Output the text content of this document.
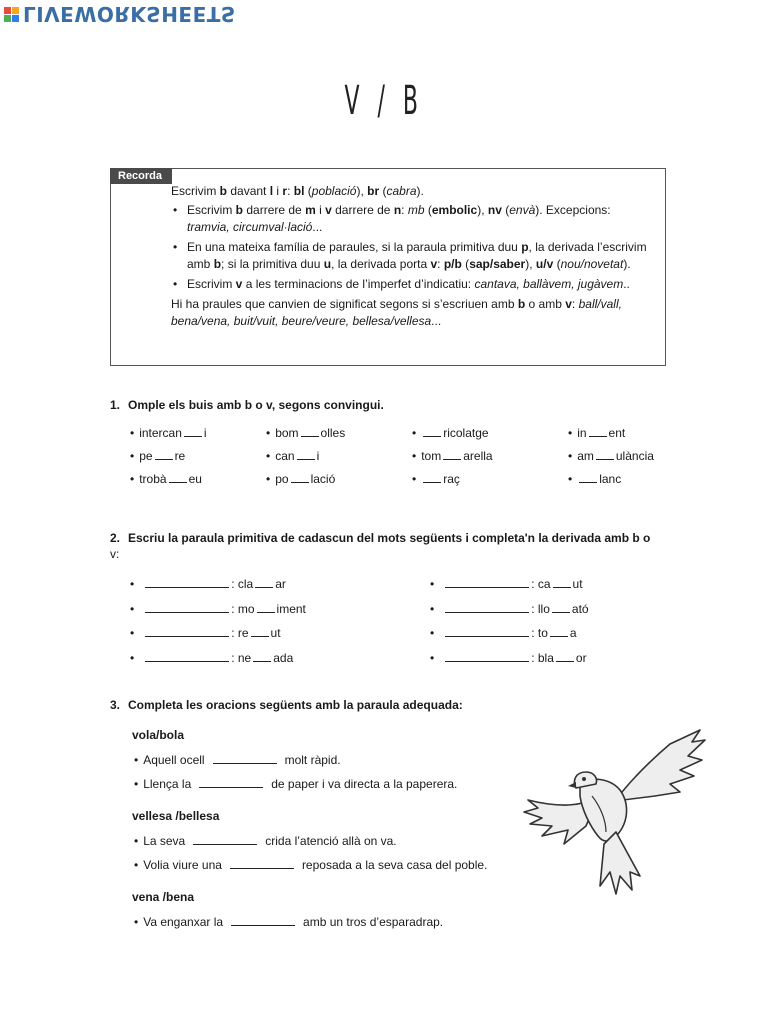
LIVEWORKSHEETS
V / B
Recorda

Escrivim b davant l i r: bl (població), br (cabra).

• Escrivim b darrere de m i v darrere de n: mb (embolic), nv (envà). Excepcions: tramvia, circumval·lació...
• En una mateixa família de paraules, si la paraula primitiva duu p, la derivada l’escrivim amb b; si la primitiva duu u, la derivada porta v: p/b (sap/saber), u/v (nou/novetat).
• Escrivim v a les terminacions de l’imperfet d’indicatiu: cantava, ballàvem, jugàvem..

Hi ha praules que canvien de significat segons si s’escriuen amb b o amb v: ball/vall, bena/vena, buit/vuit, beure/veure, bellesa/vellesa...

1. Omple els buis amb b o v, segons convingui.
• intercan i	• bom olles	• ricolatge	• in ent
• pe re	• can i	• tom arella	• am ulància
• trobà eu	• po lació	• raç	• lanc
2. Escriu la paraula primitiva de cadascun del mots següents i completa'n la derivada amb b o
v:
• : cla ar
• : mo iment
• : re ut
• : ne ada
• : ca ut
• : llo ató
• : to a
• : bla or
3. Completa les oracions següents amb la paraula adequada:
vola/bola
• Aquell ocell	molt ràpid.
• Llença la	de paper i va directa a la paperera.
vellesa /bellesa
• La seva	crida l’atenció allà on va.
• Volia viure una	reposada a la seva casa del poble.
vena /bena
• Va enganxar la	amb un tros d’esparadrap.
